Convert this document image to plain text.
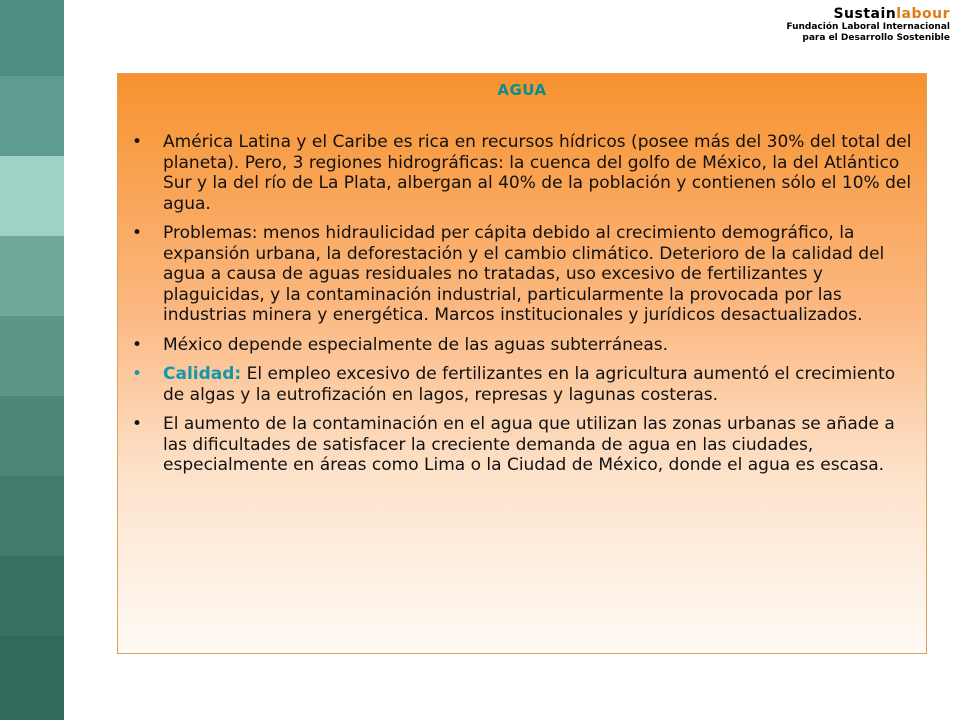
Sustainlabour
Fundación Laboral Internacional
para el Desarrollo Sostenible
AGUA
• América Latina y el Caribe es rica en recursos hídricos (posee más del 30% del total del planeta). Pero, 3 regiones hidrográficas: la cuenca del golfo de México, la del Atlántico Sur y la del río de La Plata, albergan al 40% de la población y contienen sólo el 10% del agua.
• Problemas: menos hidraulicidad per cápita debido al crecimiento demográfico, la expansión urbana, la deforestación y el cambio climático. Deterioro de la calidad del agua a causa de aguas residuales no tratadas, uso excesivo de fertilizantes y plaguicidas, y la contaminación industrial, particularmente la provocada por las industrias minera y energética. Marcos institucionales y jurídicos desactualizados.
• México depende especialmente de las aguas subterráneas.
• Calidad: El empleo excesivo de fertilizantes en la agricultura aumentó el crecimiento de algas y la eutrofización en lagos, represas y lagunas costeras.
• El aumento de la contaminación en el agua que utilizan las zonas urbanas se añade a las dificultades de satisfacer la creciente demanda de agua en las ciudades, especialmente en áreas como Lima o la Ciudad de México, donde el agua es escasa.
